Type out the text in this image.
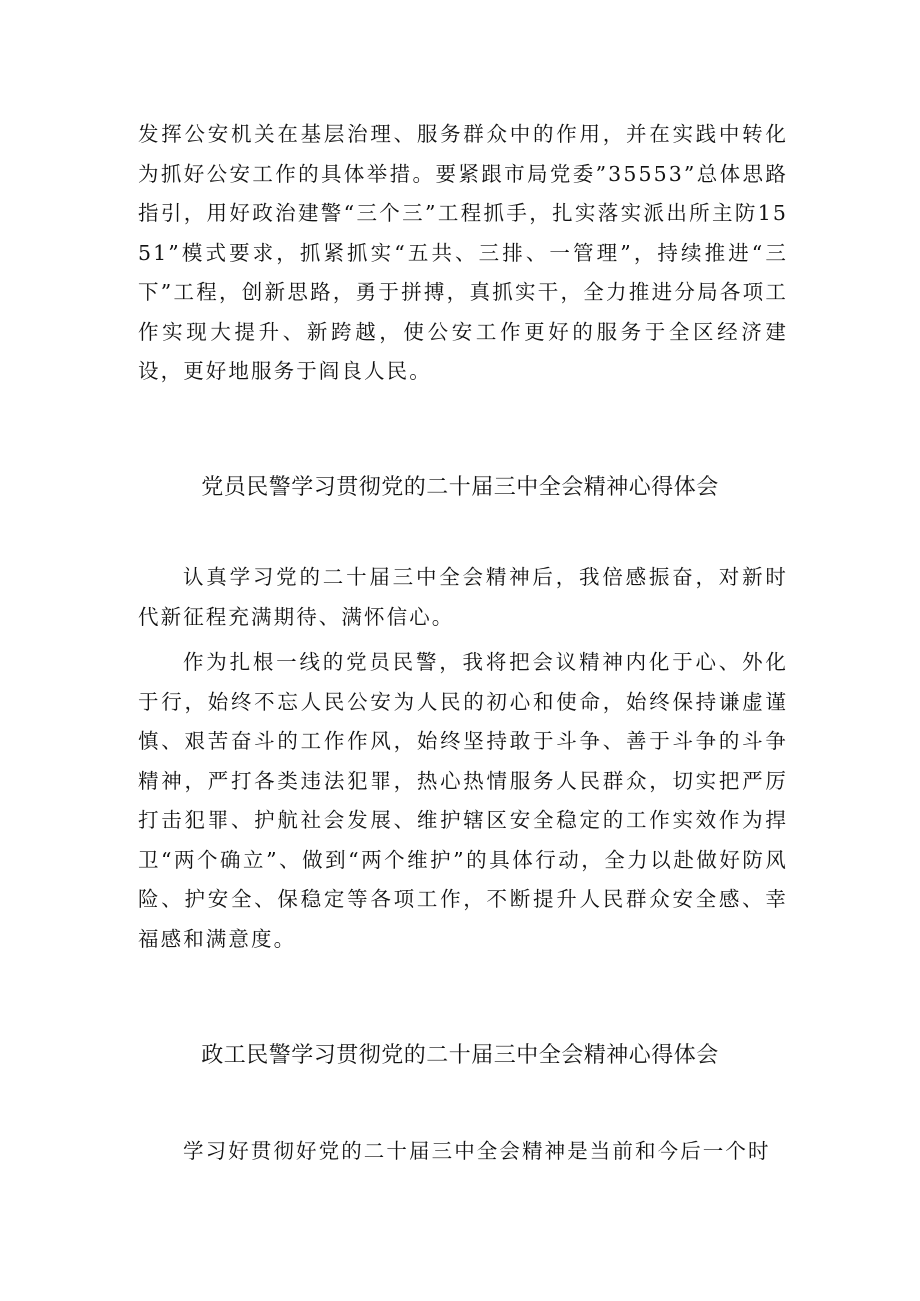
发挥公安机关在基层治理、服务群众中的作用，并在实践中转化为抓好公安工作的具体举措。要紧跟市局党委”35553”总体思路指引，用好政治建警“三个三”工程抓手，扎实落实派出所主防1551”模式要求，抓紧抓实“五共、三排、一管理”，持续推进“三下”工程，创新思路，勇于拼搏，真抓实干，全力推进分局各项工作实现大提升、新跨越，使公安工作更好的服务于全区经济建设，更好地服务于阎良人民。

党员民警学习贯彻党的二十届三中全会精神心得体会

认真学习党的二十届三中全会精神后，我倍感振奋，对新时代新征程充满期待、满怀信心。

作为扎根一线的党员民警，我将把会议精神内化于心、外化于行，始终不忘人民公安为人民的初心和使命，始终保持谦虚谨慎、艰苦奋斗的工作作风，始终坚持敢于斗争、善于斗争的斗争精神，严打各类违法犯罪，热心热情服务人民群众，切实把严厉打击犯罪、护航社会发展、维护辖区安全稳定的工作实效作为捍卫“两个确立”、做到“两个维护”的具体行动，全力以赴做好防风险、护安全、保稳定等各项工作，不断提升人民群众安全感、幸福感和满意度。

政工民警学习贯彻党的二十届三中全会精神心得体会

学习好贯彻好党的二十届三中全会精神是当前和今后一个时
